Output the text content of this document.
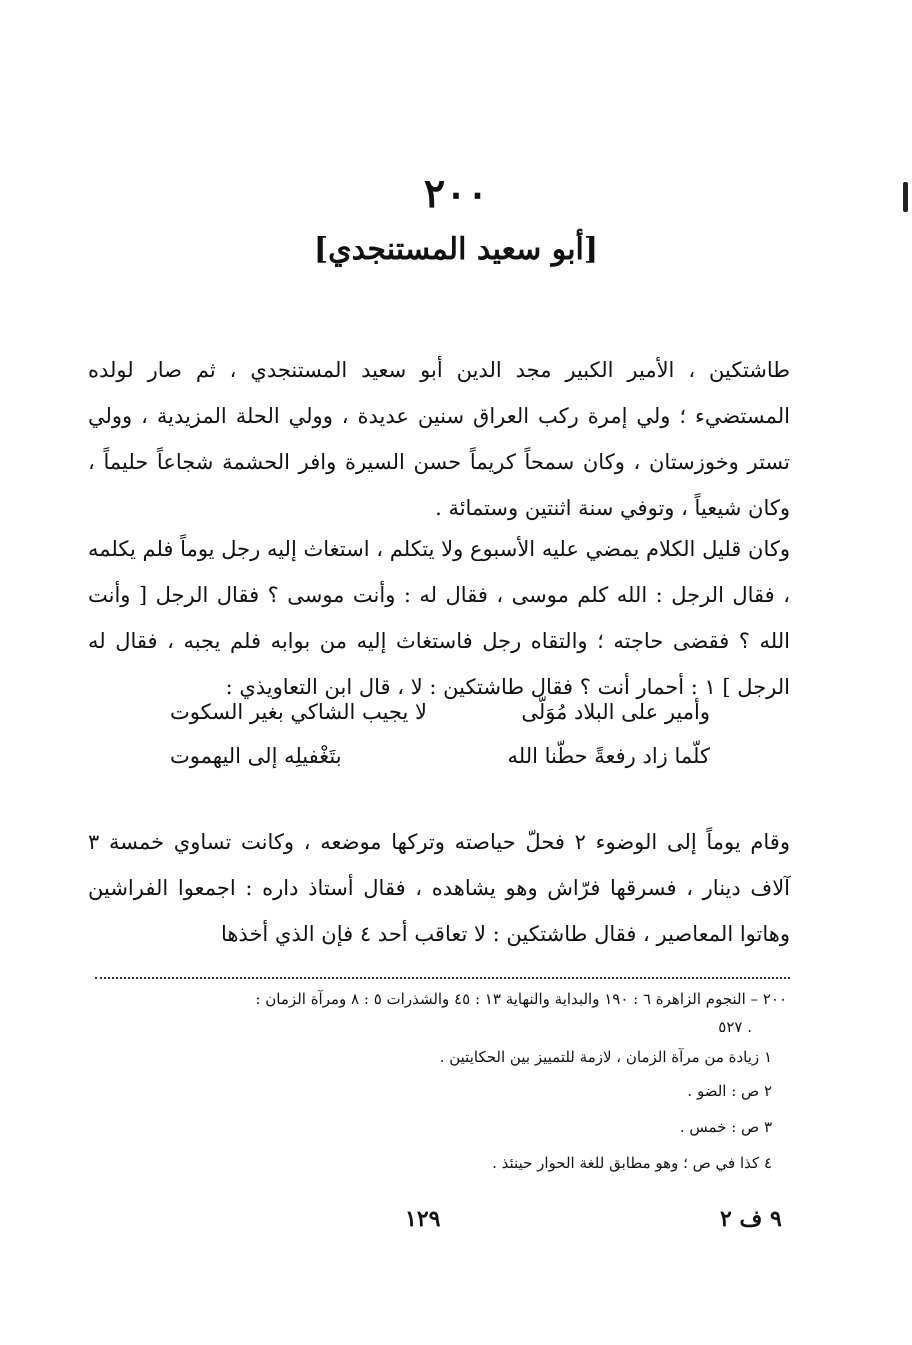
٢٠٠
[أبو سعيد المستنجدي]

طاشتكين ، الأمير الكبير مجد الدين أبو سعيد المستنجدي ، ثم صار لولده المستضيء ؛ ولي إمرة ركب العراق سنين عديدة ، وولي الحلة المزيدية ، وولي تستر وخوزستان ، وكان سمحاً كريماً حسن السيرة وافر الحشمة شجاعاً حليماً ، وكان شيعياً ، وتوفي سنة اثنتين وستمائة .

وكان قليل الكلام يمضي عليه الأسبوع ولا يتكلم ، استغاث إليه رجل يوماً فلم يكلمه ، فقال الرجل : الله كلم موسى ، فقال له : وأنت موسى ؟ فقال الرجل [ وأنت الله ؟ فقضى حاجته ؛ والتقاه رجل فاستغاث إليه من بوابه فلم يجبه ، فقال له الرجل ] ١ : أحمار أنت ؟ فقال طاشتكين : لا ، قال ابن التعاويذي :

وأمير على البلاد مُوَلّى
لا يجيب الشاكي بغير السكوت
كلّما زاد رفعةً حطّنا الله
بتَغْفيلِه إلى اليهموت

وقام يوماً إلى الوضوء ٢ فحلّ حياصته وتركها موضعه ، وكانت تساوي خمسة ٣ آلاف دينار ، فسرقها فرّاش وهو يشاهده ، فقال أستاذ داره : اجمعوا الفراشين وهاتوا المعاصير ، فقال طاشتكين : لا تعاقب أحد ٤ فإن الذي أخذها

٢٠٠ – النجوم الزاهرة ٦ : ١٩٠ والبداية والنهاية ١٣ : ٤٥ والشذرات ٥ : ٨ ومرآة الزمان :
٥٢٧ .
١ زيادة من مرآة الزمان ، لازمة للتمييز بين الحكايتين .
٢ ص : الضو .
٣ ص : خمس .
٤ كذا في ص ؛ وهو مطابق للغة الحوار حينئذ .
١٢٩	٩ ف ٢
